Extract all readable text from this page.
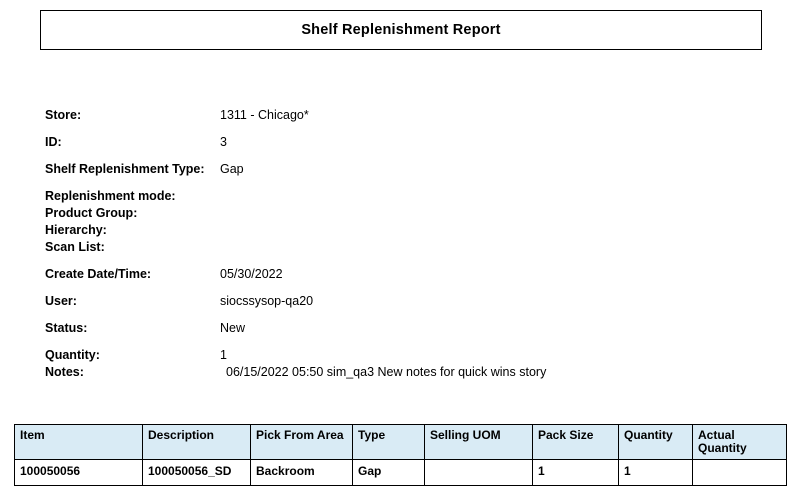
Shelf Replenishment Report
Store:	1311 - Chicago*
ID:	3
Shelf Replenishment Type:	Gap
Replenishment mode:
Product Group:
Hierarchy:
Scan List:
Create Date/Time:	05/30/2022
User:	siocssysop-qa20
Status:	New
Quantity:	1
Notes:	06/15/2022 05:50 sim_qa3 New notes for quick wins story
Item	Description	Pick From Area	Type	Selling UOM	Pack Size	Quantity	Actual Quantity
100050056	100050056_SD	Backroom	Gap		1	1	
